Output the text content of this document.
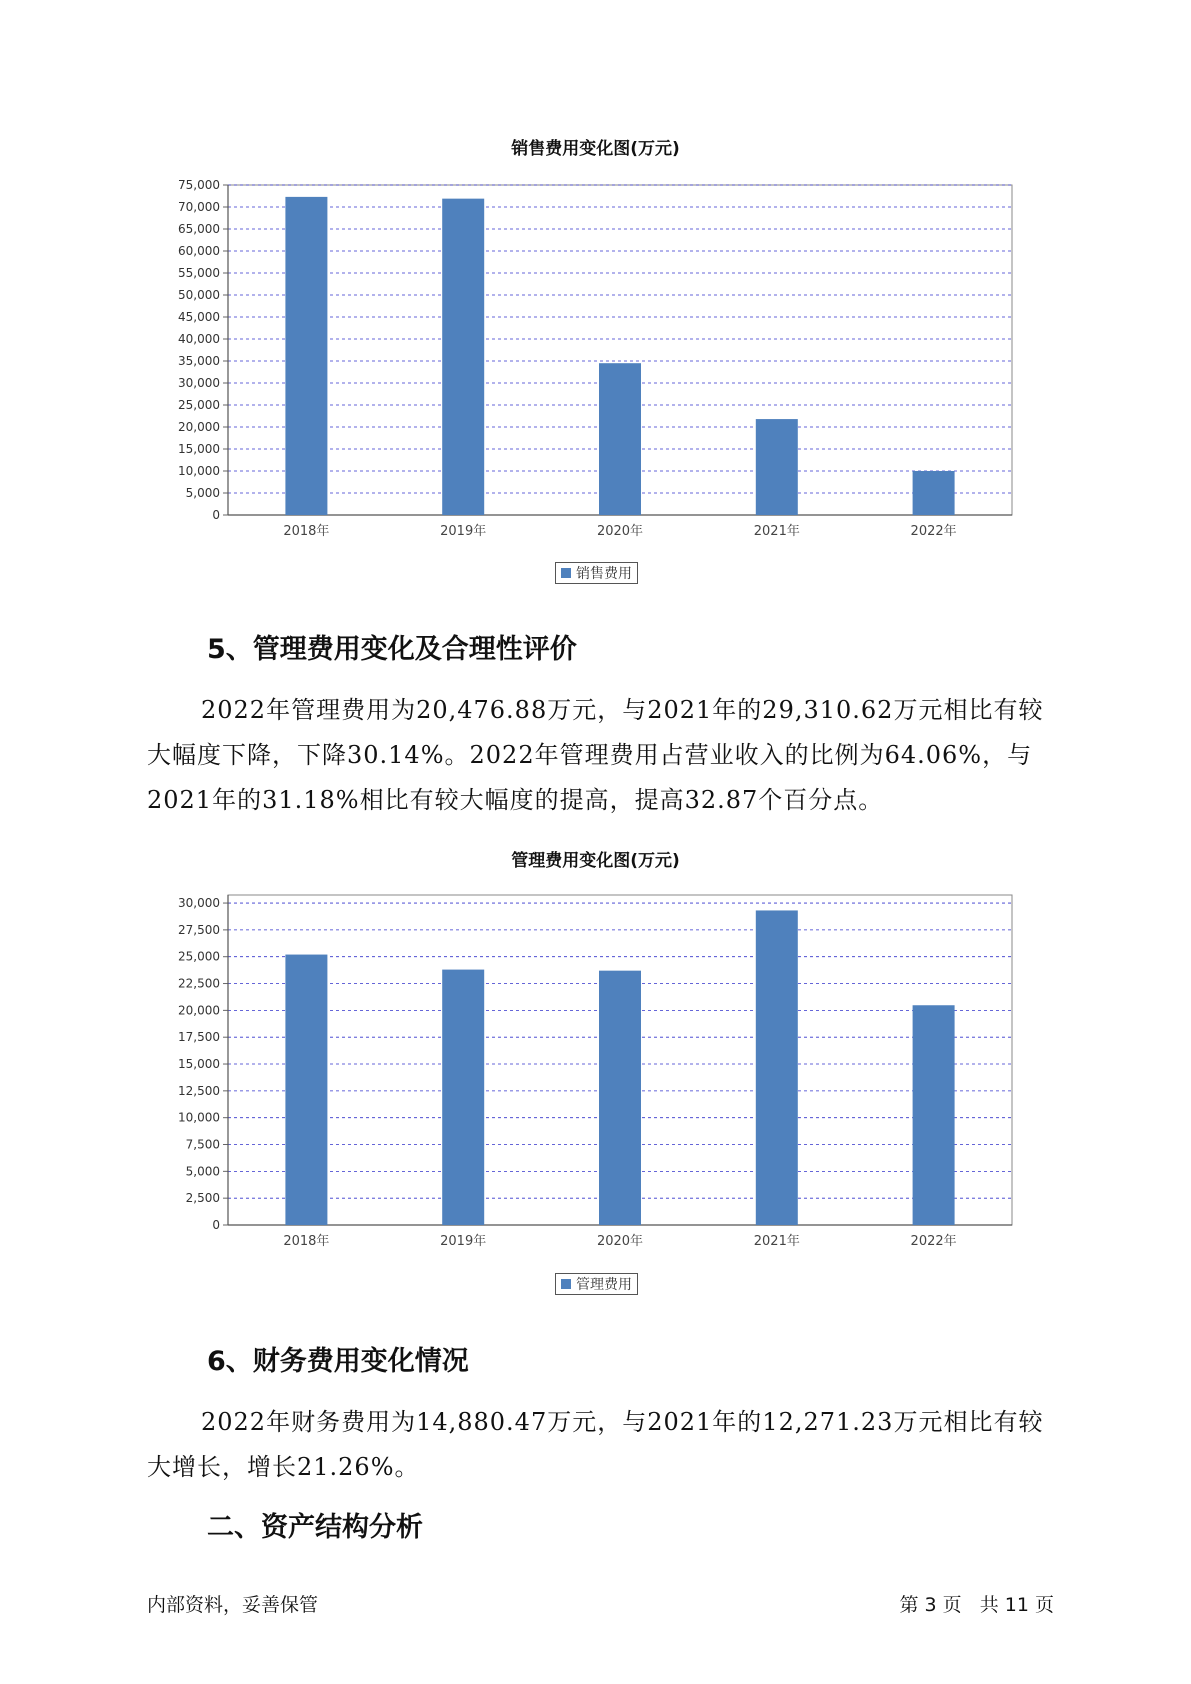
销售费用变化图(万元)
0
5,000
10,000
15,000
20,000
25,000
30,000
35,000
40,000
45,000
50,000
55,000
60,000
65,000
70,000
75,000
2018年	2019年	2020年	2021年	2022年
销售费用
5、管理费用变化及合理性评价
2022年管理费用为20,476.88万元，与2021年的29,310.62万元相比有较大幅度下降，下降30.14%。2022年管理费用占营业收入的比例为64.06%，与2021年的31.18%相比有较大幅度的提高，提高32.87个百分点。
管理费用变化图(万元)
0
2,500
5,000
7,500
10,000
12,500
15,000
17,500
20,000
22,500
25,000
27,500
30,000
2018年	2019年	2020年	2021年	2022年
管理费用
6、财务费用变化情况
2022年财务费用为14,880.47万元，与2021年的12,271.23万元相比有较大增长，增长21.26%。
二、资产结构分析
内部资料，妥善保管	第 3 页   共 11 页
